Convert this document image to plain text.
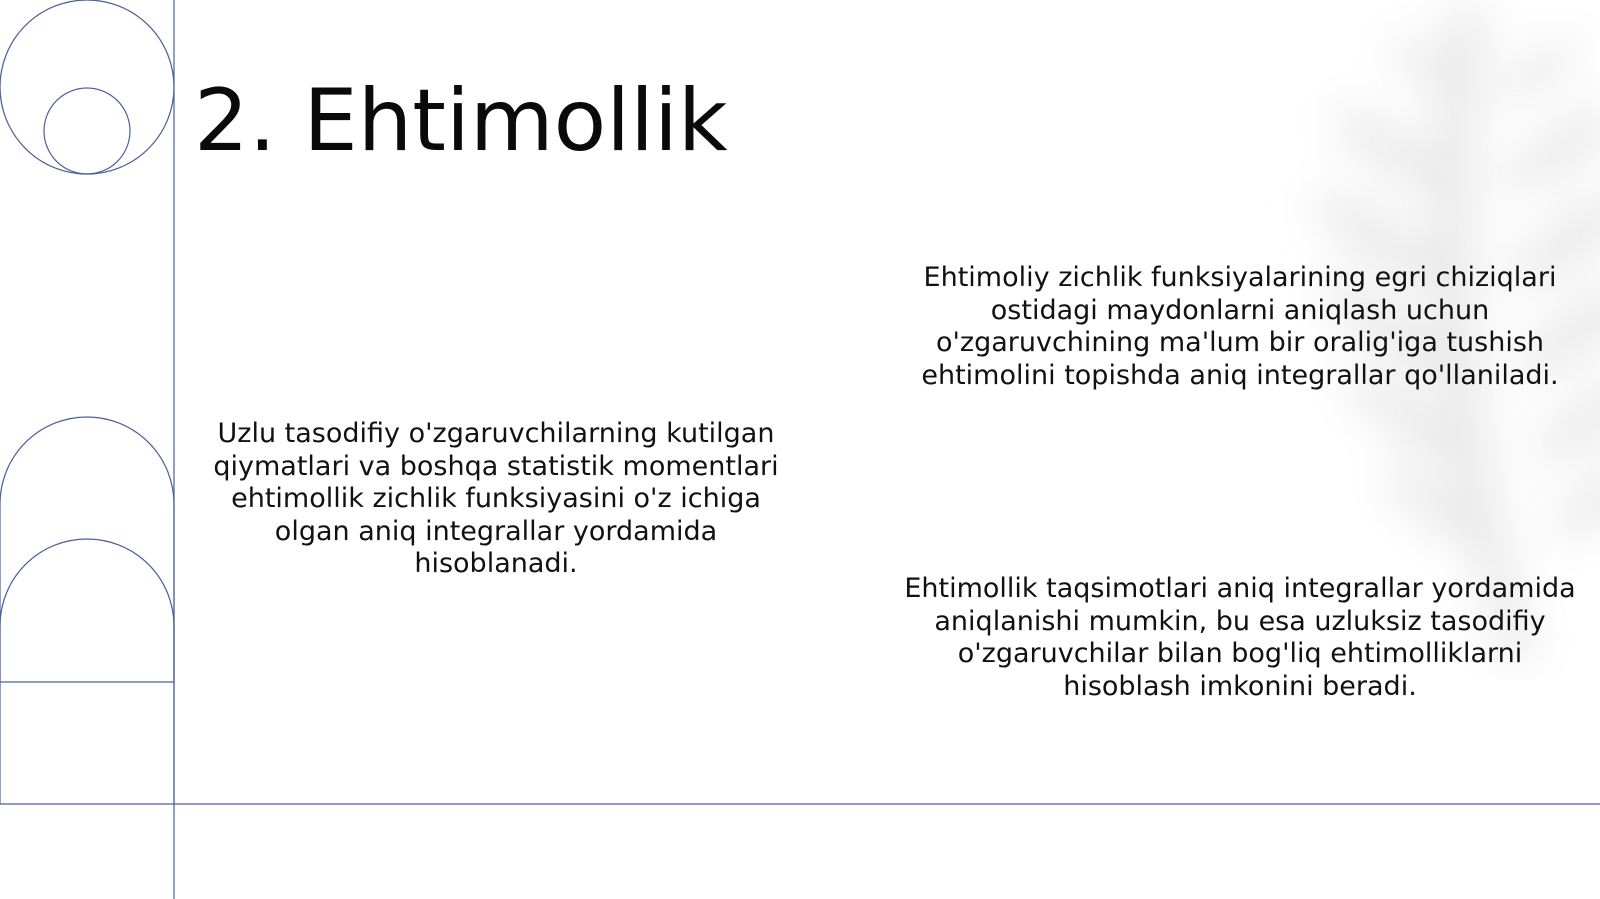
2. Ehtimollik
Uzlu tasodifiy o'zgaruvchilarning kutilgan qiymatlari va boshqa statistik momentlari ehtimollik zichlik funksiyasini o'z ichiga olgan aniq integrallar yordamida hisoblanadi.
Ehtimoliy zichlik funksiyalarining egri chiziqlari ostidagi maydonlarni aniqlash uchun o'zgaruvchining ma'lum bir oralig'iga tushish ehtimolini topishda aniq integrallar qo'llaniladi.
Ehtimollik taqsimotlari aniq integrallar yordamida aniqlanishi mumkin, bu esa uzluksiz tasodifiy o'zgaruvchilar bilan bog'liq ehtimolliklarni hisoblash imkonini beradi.
